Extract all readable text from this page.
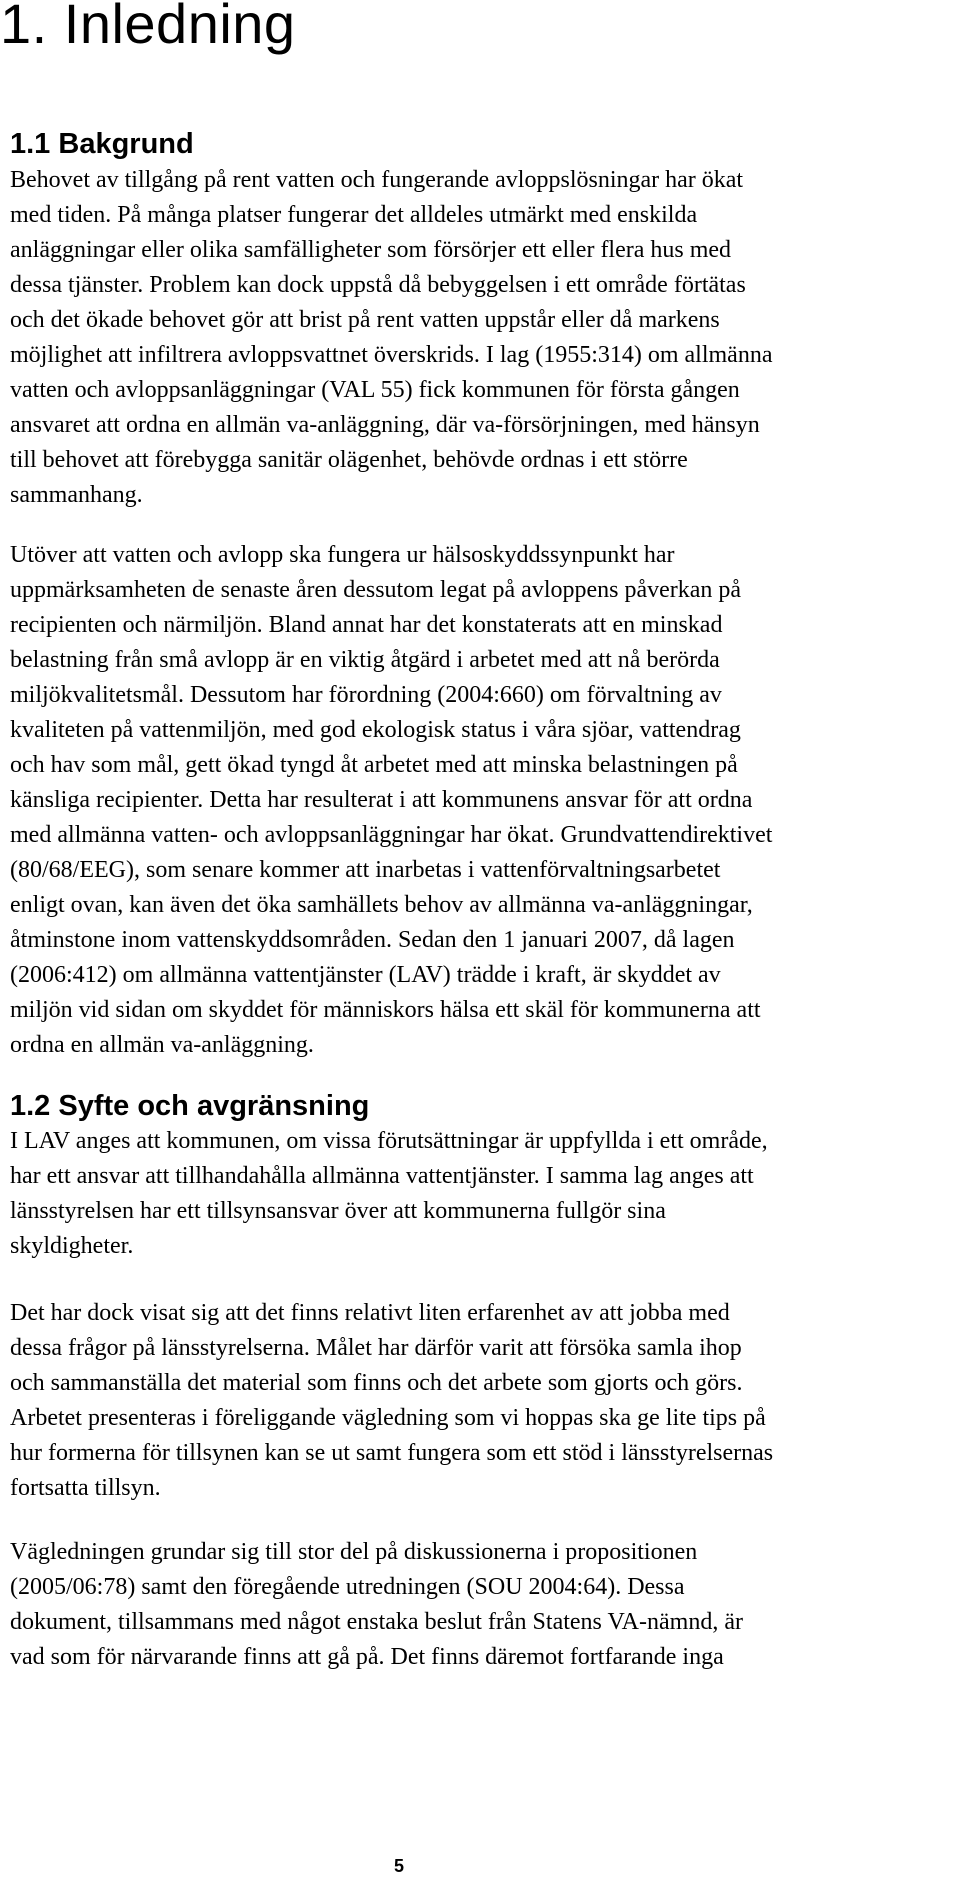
1. Inledning
1.1 Bakgrund
Behovet av tillgång på rent vatten och fungerande avloppslösningar har ökat
med tiden. På många platser fungerar det alldeles utmärkt med enskilda
anläggningar eller olika samfälligheter som försörjer ett eller flera hus med
dessa tjänster. Problem kan dock uppstå då bebyggelsen i ett område förtätas
och det ökade behovet gör att brist på rent vatten uppstår eller då markens
möjlighet att infiltrera avloppsvattnet överskrids. I lag (1955:314) om allmänna
vatten och avloppsanläggningar (VAL 55) fick kommunen för första gången
ansvaret att ordna en allmän va-anläggning, där va-försörjningen, med hänsyn
till behovet att förebygga sanitär olägenhet, behövde ordnas i ett större
sammanhang.
Utöver att vatten och avlopp ska fungera ur hälsoskyddssynpunkt har
uppmärksamheten de senaste åren dessutom legat på avloppens påverkan på
recipienten och närmiljön. Bland annat har det konstaterats att en minskad
belastning från små avlopp är en viktig åtgärd i arbetet med att nå berörda
miljökvalitetsmål. Dessutom har förordning (2004:660) om förvaltning av
kvaliteten på vattenmiljön, med god ekologisk status i våra sjöar, vattendrag
och hav som mål, gett ökad tyngd åt arbetet med att minska belastningen på
känsliga recipienter. Detta har resulterat i att kommunens ansvar för att ordna
med allmänna vatten- och avloppsanläggningar har ökat. Grundvattendirektivet
(80/68/EEG), som senare kommer att inarbetas i vattenförvaltningsarbetet
enligt ovan, kan även det öka samhällets behov av allmänna va-anläggningar,
åtminstone inom vattenskyddsområden. Sedan den 1 januari 2007, då lagen
(2006:412) om allmänna vattentjänster (LAV) trädde i kraft, är skyddet av
miljön vid sidan om skyddet för människors hälsa ett skäl för kommunerna att
ordna en allmän va-anläggning.
1.2 Syfte och avgränsning
I LAV anges att kommunen, om vissa förutsättningar är uppfyllda i ett område,
har ett ansvar att tillhandahålla allmänna vattentjänster. I samma lag anges att
länsstyrelsen har ett tillsynsansvar över att kommunerna fullgör sina
skyldigheter.
Det har dock visat sig att det finns relativt liten erfarenhet av att jobba med
dessa frågor på länsstyrelserna. Målet har därför varit att försöka samla ihop
och sammanställa det material som finns och det arbete som gjorts och görs.
Arbetet presenteras i föreliggande vägledning som vi hoppas ska ge lite tips på
hur formerna för tillsynen kan se ut samt fungera som ett stöd i länsstyrelsernas
fortsatta tillsyn.
Vägledningen grundar sig till stor del på diskussionerna i propositionen
(2005/06:78) samt den föregående utredningen (SOU 2004:64). Dessa
dokument, tillsammans med något enstaka beslut från Statens VA-nämnd, är
vad som för närvarande finns att gå på. Det finns däremot fortfarande inga
5
